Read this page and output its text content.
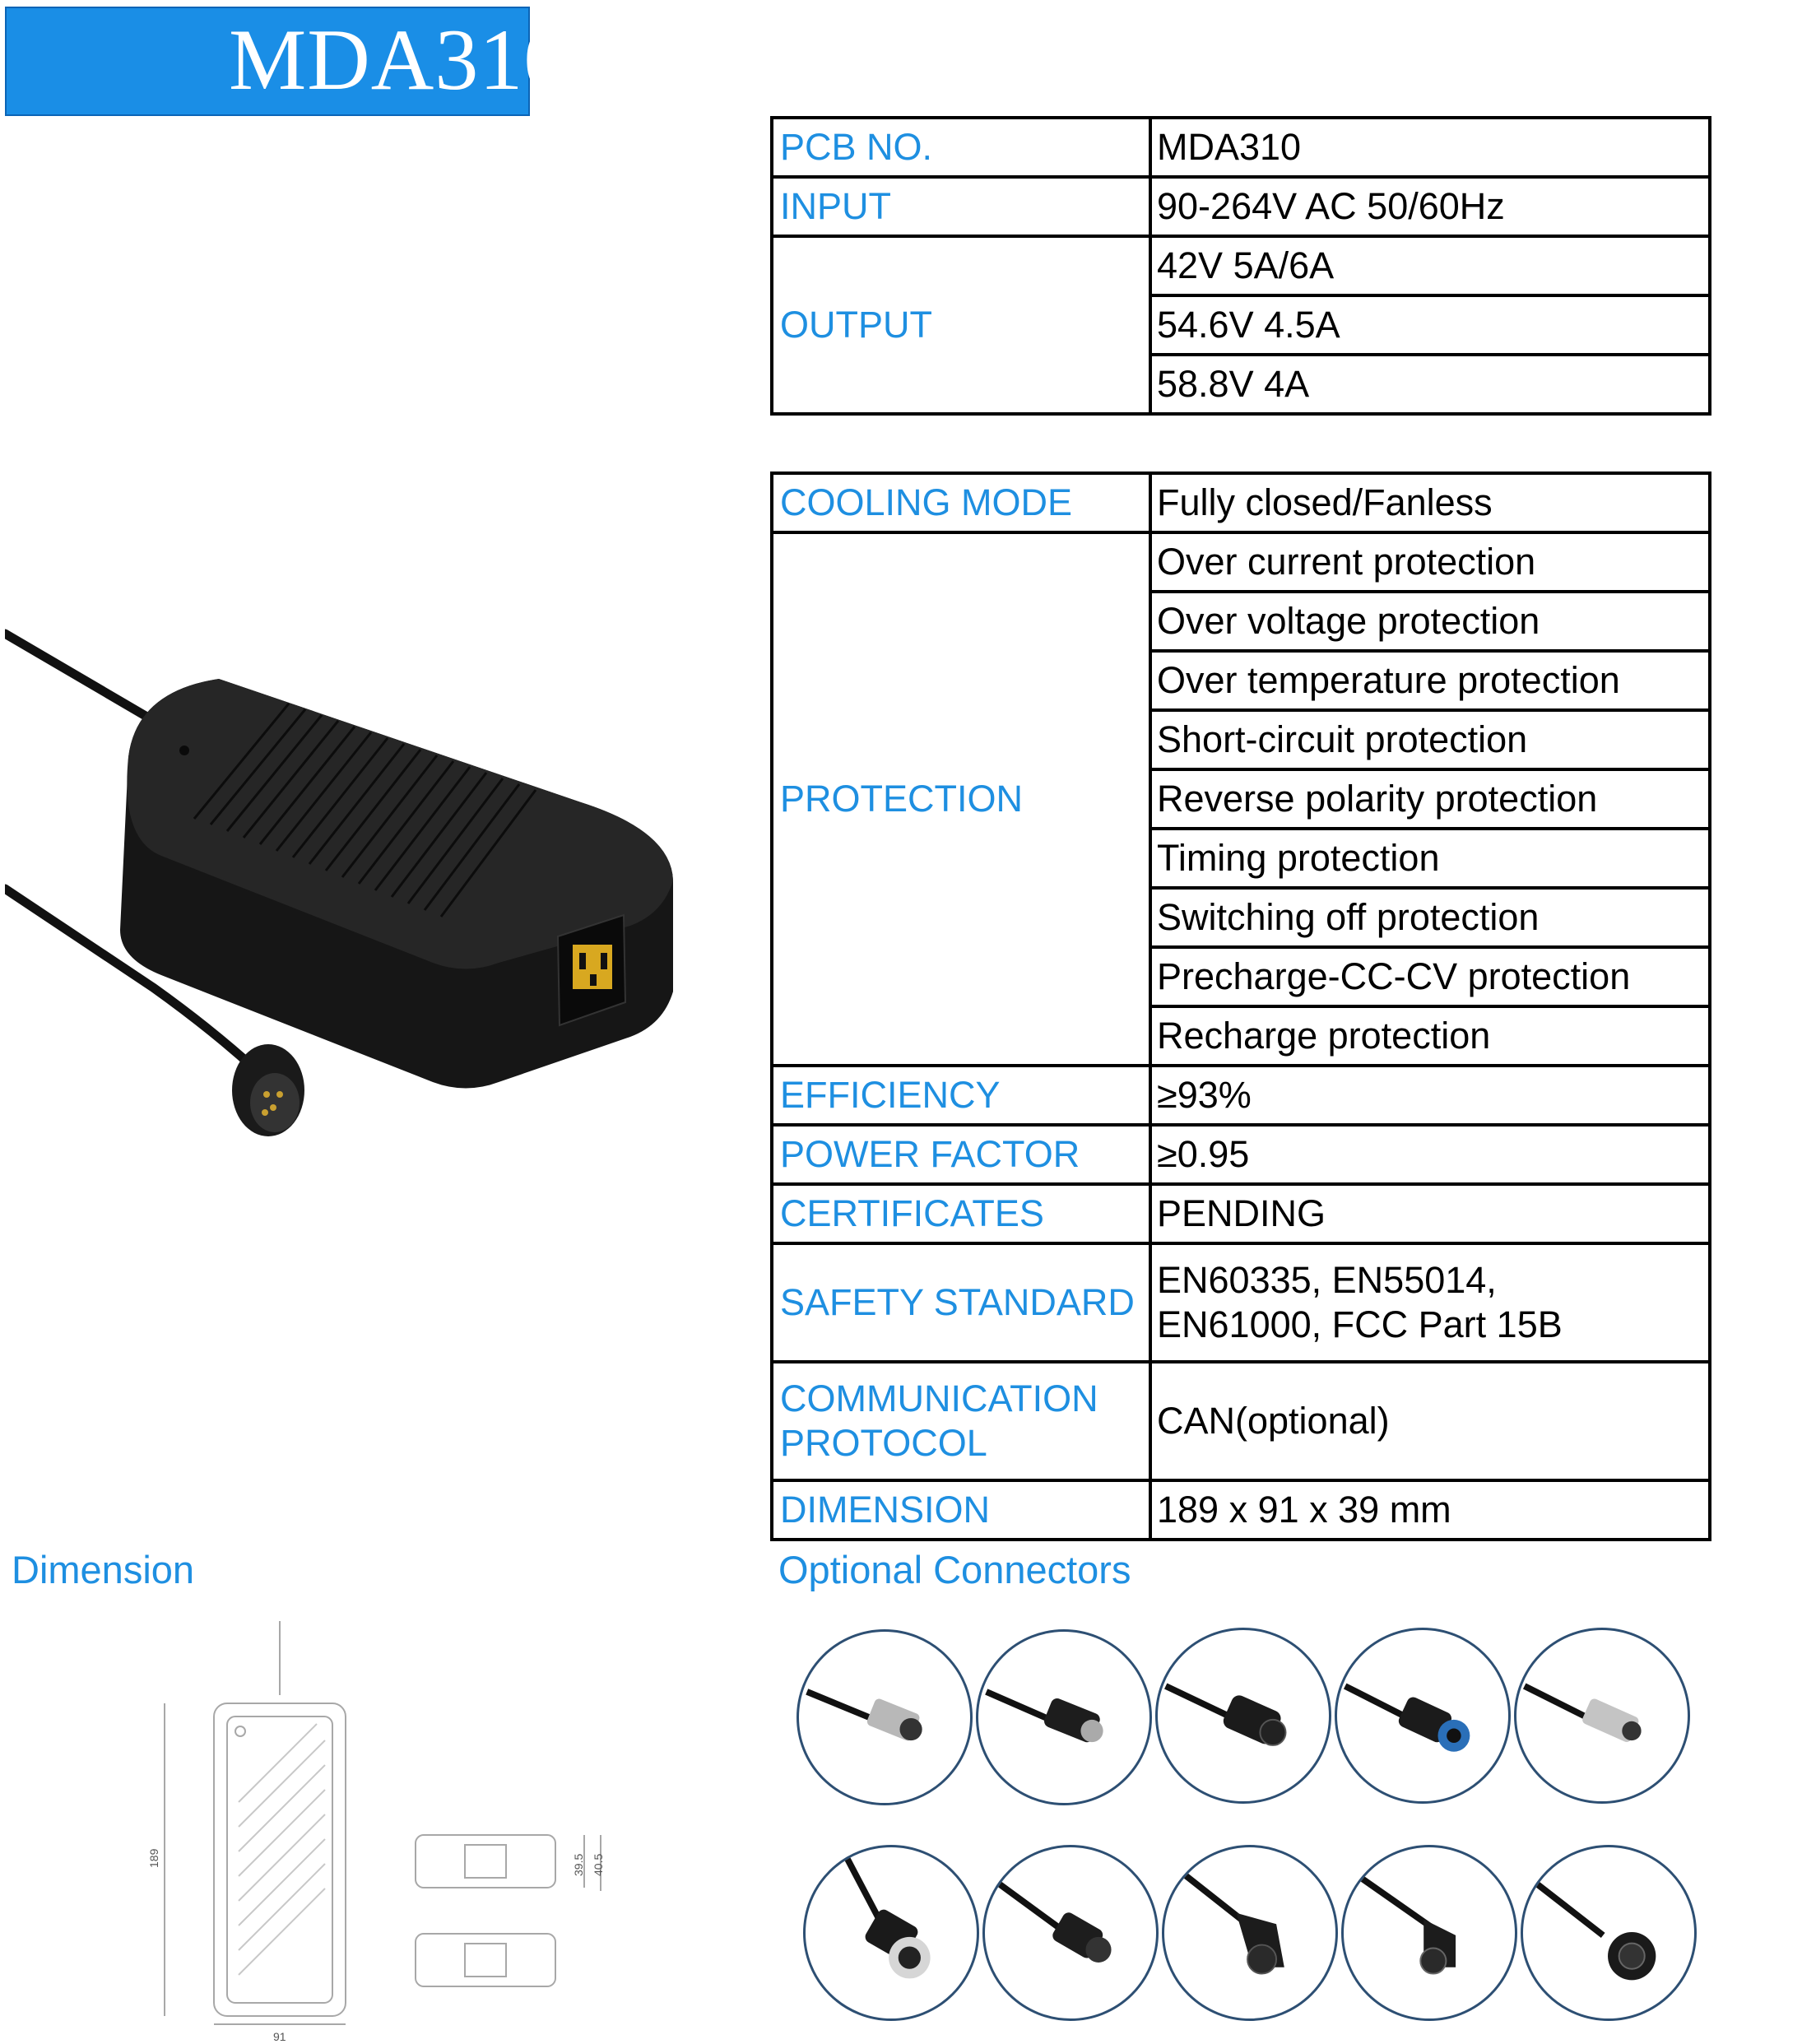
MDA310
PCB NO.	MDA310
INPUT	90-264V AC 50/60Hz
OUTPUT	42V 5A/6A
	54.6V 4.5A
	58.8V 4A
COOLING MODE	Fully closed/Fanless
PROTECTION	Over current protection
	Over voltage protection
	Over temperature protection
	Short-circuit protection
	Reverse polarity protection
	Timing protection
	Switching off protection
	Precharge-CC-CV protection
	Recharge protection
EFFICIENCY	≥93%
POWER FACTOR	≥0.95
CERTIFICATES	PENDING
SAFETY STANDARD	EN60335, EN55014,
EN61000, FCC Part 15B

COMMUNICATION
PROTOCOL	CAN(optional)
DIMENSION	189 x 91 x 39 mm
Dimension	Optional Connectors
189
91
39.5 40.5
